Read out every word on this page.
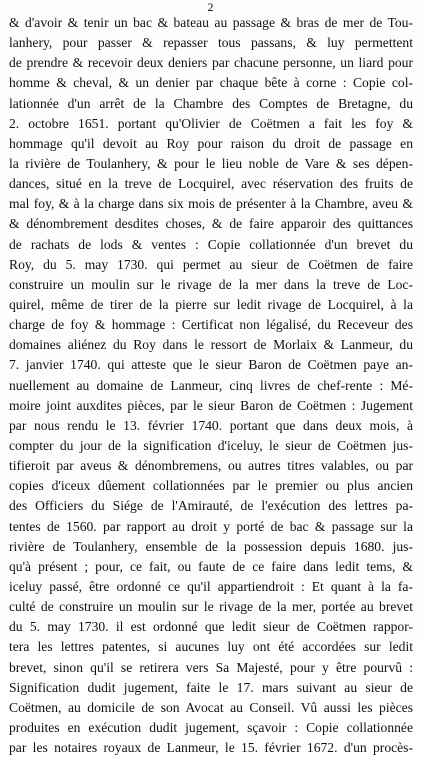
2
& d'avoir & tenir un bac & bateau au passage & bras de mer de Tou-
lanhery, pour passer & repasser tous passans, & luy permettent
de prendre & recevoir deux deniers par chacune personne, un liard pour
homme & cheval, & un denier par chaque bête à corne : Copie col-
lationnée d'un arrêt de la Chambre des Comptes de Bretagne, du
2. octobre 1651. portant qu'Olivier de Coëtmen a fait les foy &
hommage qu'il devoit au Roy pour raison du droit de passage en
la rivière de Toulanhery, & pour le lieu noble de Vare & ses dépen-
dances, situé en la treve de Locquirel, avec réservation des fruits de
mal foy, & à la charge dans six mois de présenter à la Chambre, aveu &
& dénombrement desdites choses, & de faire apparoir des quittances
de rachats de lods & ventes : Copie collationnée d'un brevet du
Roy, du 5. may 1730. qui permet au sieur de Coëtmen de faire
construire un moulin sur le rivage de la mer dans la treve de Loc-
quirel, même de tirer de la pierre sur ledit rivage de Locquirel, à la
charge de foy & hommage : Certificat non légalisé, du Receveur des
domaines aliénez du Roy dans le ressort de Morlaix & Lanmeur, du
7. janvier 1740. qui atteste que le sieur Baron de Coëtmen paye an-
nuellement au domaine de Lanmeur, cinq livres de chef-rente : Mé-
moire joint auxdites pièces, par le sieur Baron de Coëtmen : Jugement
par nous rendu le 13. février 1740. portant que dans deux mois, à
compter du jour de la signification d'iceluy, le sieur de Coëtmen jus-
tifieroit par aveus & dénombremens, ou autres titres valables, ou par
copies d'iceux dûement collationnées par le premier ou plus ancien
des Officiers du Siége de l'Amirauté, de l'exécution des lettres pa-
tentes de 1560. par rapport au droit y porté de bac & passage sur la
rivière de Toulanhery, ensemble de la possession depuis 1680. jus-
qu'à présent ; pour, ce fait, ou faute de ce faire dans ledit tems, &
iceluy passé, être ordonné ce qu'il appartiendroit : Et quant à la fa-
culté de construire un moulin sur le rivage de la mer, portée au brevet
du 5. may 1730. il est ordonné que ledit sieur de Coëtmen rappor-
tera les lettres patentes, si aucunes luy ont été accordées sur ledit
brevet, sinon qu'il se retirera vers Sa Majesté, pour y être pourvû :
Signification dudit jugement, faite le 17. mars suivant au sieur de
Coëtmen, au domicile de son Avocat au Conseil. Vû aussi les pièces
produites en exécution dudit jugement, sçavoir : Copie collationnée
par les notaires royaux de Lanmeur, le 15. février 1672. d'un procès-
